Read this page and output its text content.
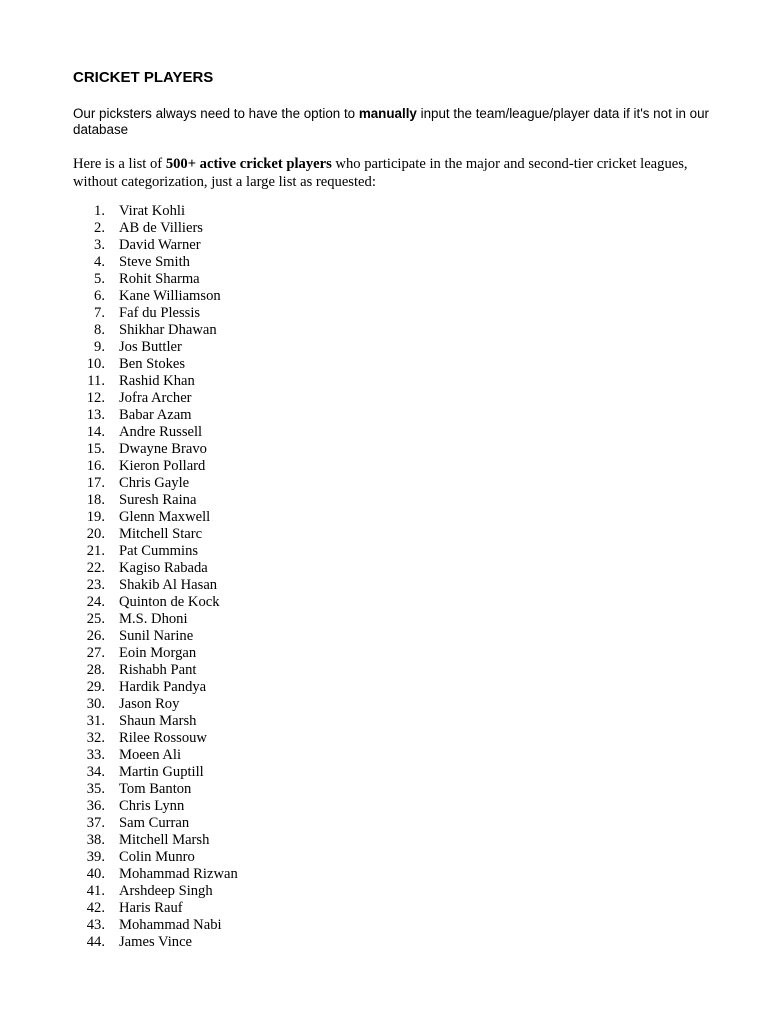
CRICKET PLAYERS

Our picksters always need to have the option to manually input the team/league/player data if it's not in our database

Here is a list of 500+ active cricket players who participate in the major and second-tier cricket leagues, without categorization, just a large list as requested:

1. Virat Kohli
2. AB de Villiers
3. David Warner
4. Steve Smith
5. Rohit Sharma
6. Kane Williamson
7. Faf du Plessis
8. Shikhar Dhawan
9. Jos Buttler
10. Ben Stokes
11. Rashid Khan
12. Jofra Archer
13. Babar Azam
14. Andre Russell
15. Dwayne Bravo
16. Kieron Pollard
17. Chris Gayle
18. Suresh Raina
19. Glenn Maxwell
20. Mitchell Starc
21. Pat Cummins
22. Kagiso Rabada
23. Shakib Al Hasan
24. Quinton de Kock
25. M.S. Dhoni
26. Sunil Narine
27. Eoin Morgan
28. Rishabh Pant
29. Hardik Pandya
30. Jason Roy
31. Shaun Marsh
32. Rilee Rossouw
33. Moeen Ali
34. Martin Guptill
35. Tom Banton
36. Chris Lynn
37. Sam Curran
38. Mitchell Marsh
39. Colin Munro
40. Mohammad Rizwan
41. Arshdeep Singh
42. Haris Rauf
43. Mohammad Nabi
44. James Vince
